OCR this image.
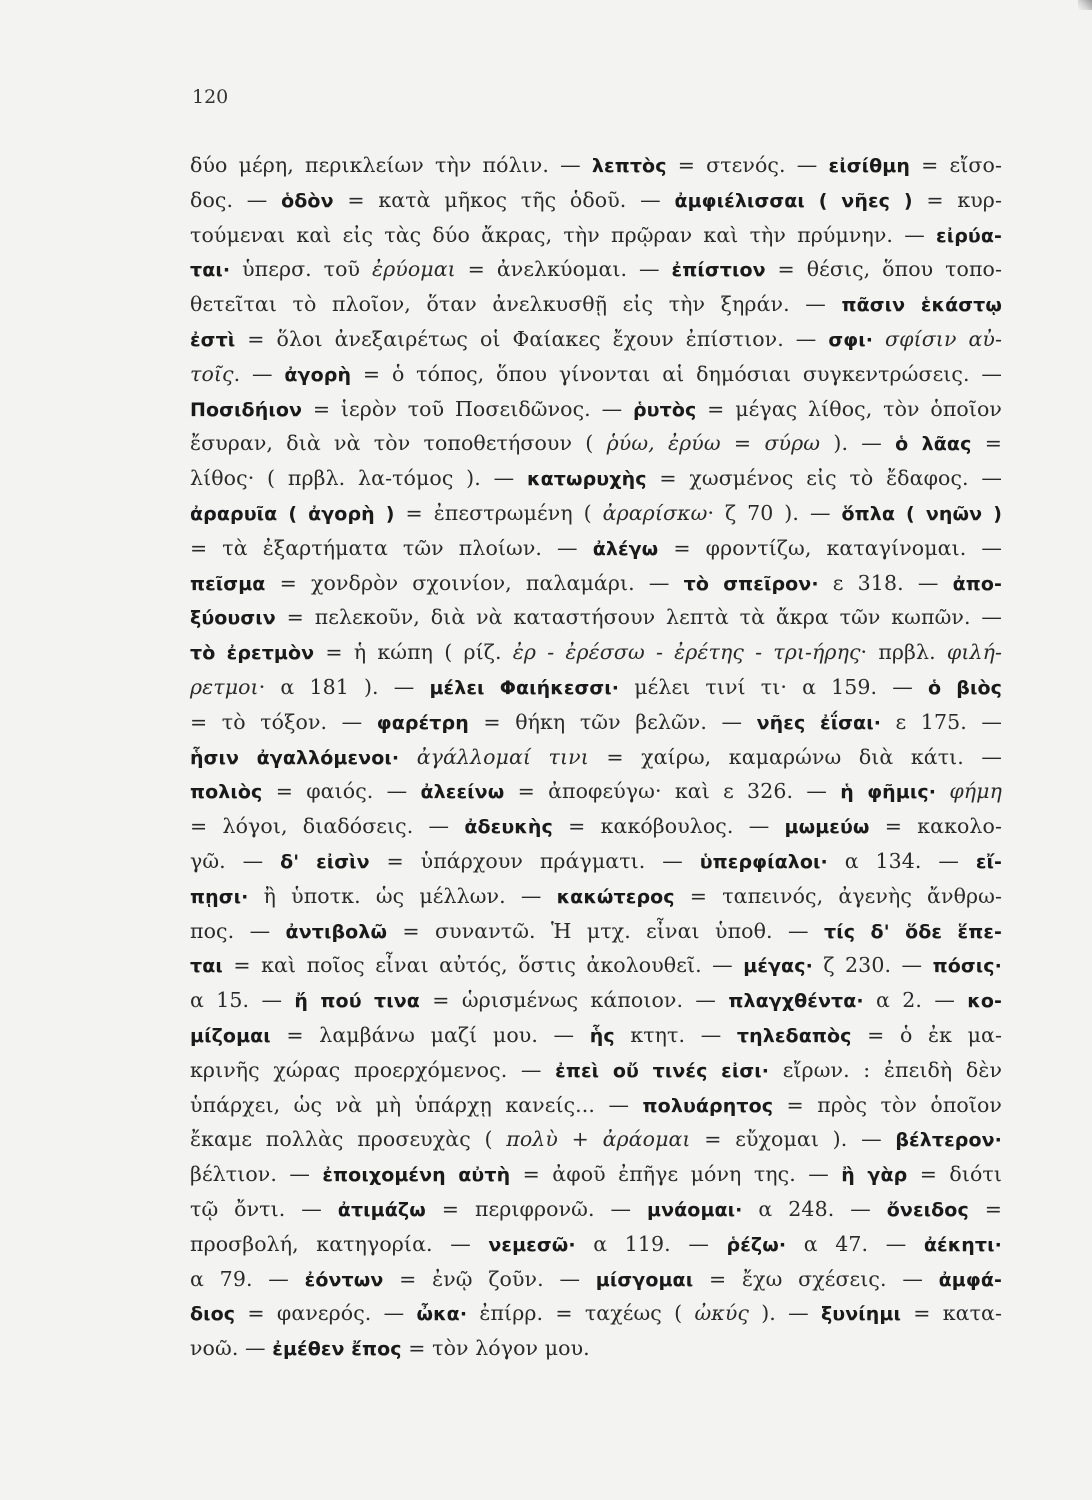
120
δύο μέρη, περικλείων τὴν πόλιν. — λεπτὸς = στενός. — εἰσίθμη = εἴσο-
δος. — ὁδὸν = κατὰ μῆκος τῆς ὁδοῦ. — ἀμφιέλισσαι ( νῆες ) = κυρ-
τούμεναι καὶ εἰς τὰς δύο ἄκρας, τὴν πρῷραν καὶ τὴν πρύμνην. — εἰρύα-
ται· ὑπερσ. τοῦ ἐρύομαι = ἀνελκύομαι. — ἐπίστιον = θέσις, ὅπου τοπο-
θετεῖται τὸ πλοῖον, ὅταν ἀνελκυσθῇ εἰς τὴν ξηράν. — πᾶσιν ἑκάστῳ
ἐστὶ = ὅλοι ἀνεξαιρέτως οἱ Φαίακες ἔχουν ἐπίστιον. — σφι· σφίσιν αὐ-
τοῖς. — ἀγορὴ = ὁ τόπος, ὅπου γίνονται αἱ δημόσιαι συγκεντρώσεις. —
Ποσιδήιον = ἱερὸν τοῦ Ποσειδῶνος. — ῥυτὸς = μέγας λίθος, τὸν ὁποῖον
ἔσυραν, διὰ νὰ τὸν τοποθετήσουν ( ῥύω, ἐρύω = σύρω ). — ὁ λᾶας =
λίθος· ( πρβλ. λα-τόμος ). — κατωρυχὴς = χωσμένος εἰς τὸ ἔδαφος. —
ἀραρυῖα ( ἀγορὴ ) = ἐπεστρωμένη ( ἀραρίσκω· ζ 70 ). — ὅπλα ( νηῶν )
= τὰ ἐξαρτήματα τῶν πλοίων. — ἀλέγω = φροντίζω, καταγίνομαι. —
πεῖσμα = χονδρὸν σχοινίον, παλαμάρι. — τὸ σπεῖρον· ε 318. — ἀπο-
ξύουσιν = πελεκοῦν, διὰ νὰ καταστήσουν λεπτὰ τὰ ἄκρα τῶν κωπῶν. —
τὸ ἐρετμὸν = ἡ κώπη ( ρίζ. ἐρ - ἐρέσσω - ἐρέτης - τρι-ήρης· πρβλ. φιλή-
ρετμοι· α 181 ). — μέλει Φαιήκεσσι· μέλει τινί τι· α 159. — ὁ βιὸς
= τὸ τόξον. — φαρέτρη = θήκη τῶν βελῶν. — νῆες ἐΐσαι· ε 175. —
ἧσιν ἀγαλλόμενοι· ἀγάλλομαί τινι = χαίρω, καμαρώνω διὰ κάτι. —
πολιὸς = φαιός. — ἀλεείνω = ἀποφεύγω· καὶ ε 326. — ἡ φῆμις· φήμη
= λόγοι, διαδόσεις. — ἀδευκὴς = κακόβουλος. — μωμεύω = κακολο-
γῶ. — δ' εἰσὶν = ὑπάρχουν πράγματι. — ὑπερφίαλοι· α 134. — εἴ-
πῃσι· ἢ ὑποτκ. ὡς μέλλων. — κακώτερος = ταπεινός, ἀγενὴς ἄνθρω-
πος. — ἀντιβολῶ = συναντῶ. Ἡ μτχ. εἶναι ὑποθ. — τίς δ' ὅδε ἕπε-
ται = καὶ ποῖος εἶναι αὐτός, ὅστις ἀκολουθεῖ. — μέγας· ζ 230. — πόσις·
α 15. — ἤ πού τινα = ὡρισμένως κάποιον. — πλαγχθέντα· α 2. — κο-
μίζομαι = λαμβάνω μαζί μου. — ἧς κτητ. — τηλεδαπὸς = ὁ ἐκ μα-
κρινῆς χώρας προερχόμενος. — ἐπεὶ οὔ τινές εἰσι· εἴρων. : ἐπειδὴ δὲν
ὑπάρχει, ὡς νὰ μὴ ὑπάρχῃ κανείς... — πολυάρητος = πρὸς τὸν ὁποῖον
ἔκαμε πολλὰς προσευχὰς ( πολὺ + ἀράομαι = εὔχομαι ). — βέλτερον·
βέλτιον. — ἐποιχομένη αὐτὴ = ἀφοῦ ἐπῆγε μόνη της. — ἢ γὰρ = διότι
τῷ ὄντι. — ἀτιμάζω = περιφρονῶ. — μνάομαι· α 248. — ὄνειδος =
προσβολή, κατηγορία. — νεμεσῶ· α 119. — ῥέζω· α 47. — ἀέκητι·
α 79. — ἐόντων = ἐνῷ ζοῦν. — μίσγομαι = ἔχω σχέσεις. — ἀμφά-
διος = φανερός. — ὦκα· ἐπίρρ. = ταχέως ( ὠκύς ). — ξυνίημι = κατα-
νοῶ. — ἐμέθεν ἔπος = τὸν λόγον μου.
